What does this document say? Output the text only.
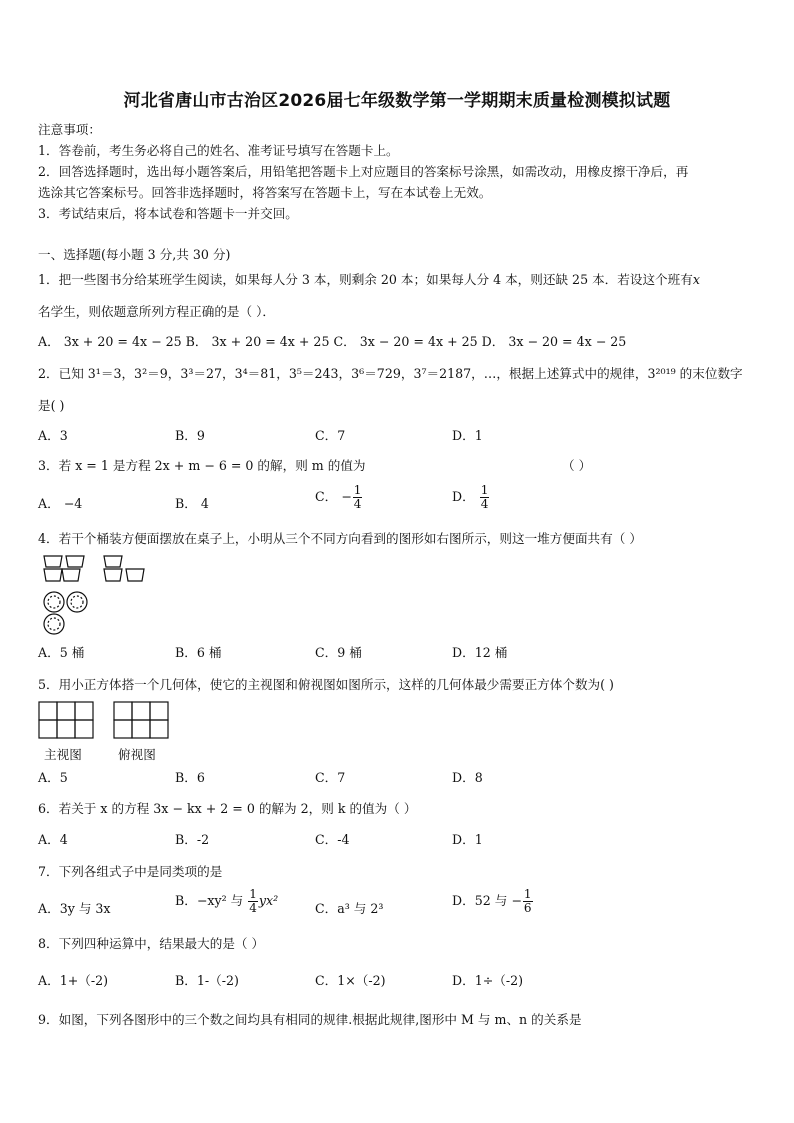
河北省唐山市古治区2026届七年级数学第一学期期末质量检测模拟试题
注意事项：
1．答卷前，考生务必将自己的姓名、准考证号填写在答题卡上。
2．回答选择题时，选出每小题答案后，用铅笔把答题卡上对应题目的答案标号涂黑，如需改动，用橡皮擦干净后，再
选涂其它答案标号。回答非选择题时，将答案写在答题卡上，写在本试卷上无效。
3．考试结束后，将本试卷和答题卡一并交回。
一、选择题(每小题 3 分,共 30 分)
1．把一些图书分给某班学生阅读，如果每人分 3 本，则剩余 20 本；如果每人分 4 本，则还缺 25 本．若设这个班有x
名学生，则依题意所列方程正确的是（ ）．
A． 3x + 20 = 4x − 25 B． 3x + 20 = 4x + 25 C． 3x − 20 = 4x + 25 D． 3x − 20 = 4x − 25
2．已知 3¹＝3，3²＝9，3³＝27，3⁴＝81，3⁵＝243，3⁶＝729，3⁷＝2187，…，根据上述算式中的规律，3²⁰¹⁹ 的末位数字
是( )
A．3	B．9	C．7	D．1
3．若 x = 1 是方程 2x + m − 6 = 0 的解，则 m 的值为	（ ）
A． −4	B． 4	C． − $\frac{1}{4}$	D． $\frac{1}{4}$
4．若干个桶装方便面摆放在桌子上，小明从三个不同方向看到的图形如右图所示，则这一堆方便面共有（ ）
A．5 桶	B．6 桶	C．9 桶	D．12 桶
5．用小正方体搭一个几何体，使它的主视图和俯视图如图所示，这样的几何体最少需要正方体个数为( )
主视图	俯视图
A．5	B．6	C．7	D．8
6．若关于 x 的方程 3x − kx + 2 = 0 的解为 2，则 k 的值为（ ）
A．4	B．-2	C．-4	D．1
7．下列各组式子中是同类项的是
A．3y 与 3x
B．−xy² 与 $\frac{1}{4} yx^2$
C．a³ 与 2³
D．52 与 − $\frac{1}{6}$
8．下列四种运算中，结果最大的是（ ）
A．1+（-2)	B．1-（-2)	C．1×（-2)	D．1÷（-2)
9．如图，下列各图形中的三个数之间均具有相同的规律.根据此规律,图形中 M 与 m、n 的关系是
